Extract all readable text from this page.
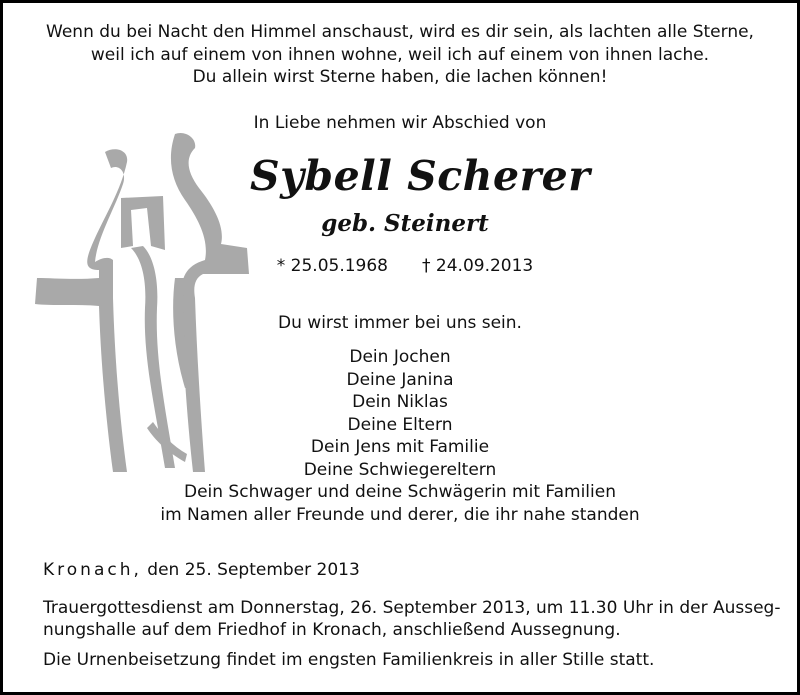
Wenn du bei Nacht den Himmel anschaust, wird es dir sein, als lachten alle Sterne,
weil ich auf einem von ihnen wohne, weil ich auf einem von ihnen lache.
Du allein wirst Sterne haben, die lachen können!
In Liebe nehmen wir Abschied von
Sybell Scherer
geb. Steinert
* 25.05.1968 † 24.09.2013
Du wirst immer bei uns sein.
Dein Jochen
Deine Janina
Dein Niklas
Deine Eltern
Dein Jens mit Familie
Deine Schwiegereltern
Dein Schwager und deine Schwägerin mit Familien
im Namen aller Freunde und derer, die ihr nahe standen
Kronach, den 25. September 2013
Trauergottesdienst am Donnerstag, 26. September 2013, um 11.30 Uhr in der Ausseg-
nungshalle auf dem Friedhof in Kronach, anschließend Aussegnung.
Die Urnenbeisetzung findet im engsten Familienkreis in aller Stille statt.
